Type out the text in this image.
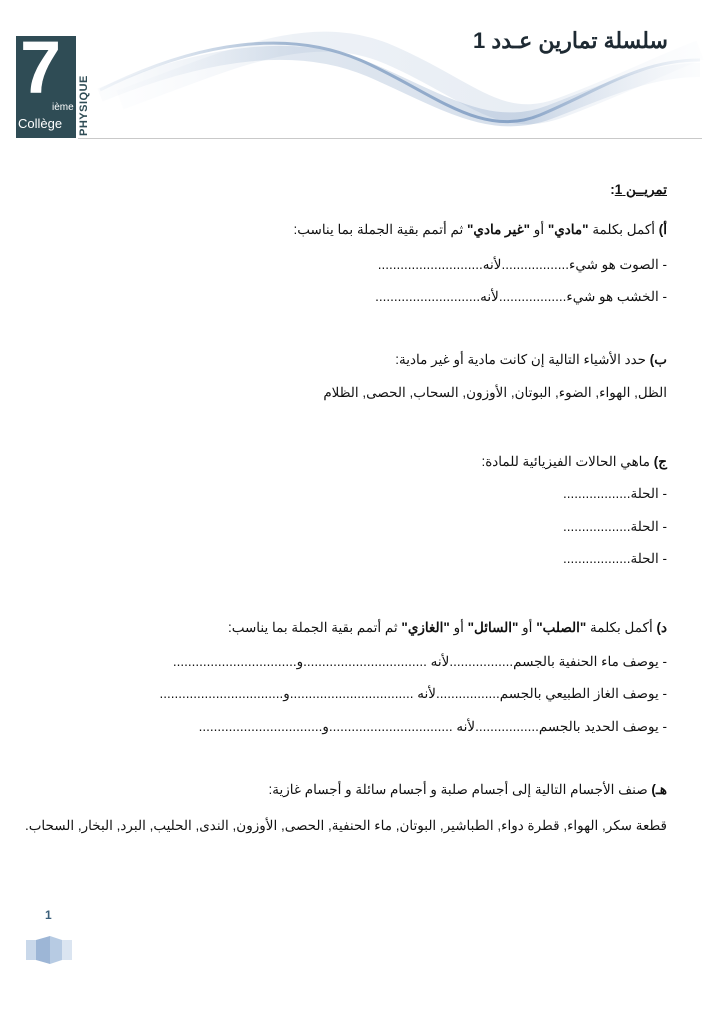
7
ième
Collège PHYSIQUE
سلسلة تمارين عـدد 1
تمريــن 1:
أ) أكمل بكلمة "مادي" أو "غير مادي" ثم أتمم بقية الجملة بما يناسب:
- الصوت هو شيء..................لأنه............................
- الخشب هو شيء..................لأنه............................
ب) حدد الأشياء التالية إن كانت مادية أو غير مادية:
الظل, الهواء, الضوء, البوتان, الأوزون, السحاب, الحصى, الظلام
ج) ماهي الحالات الفيزيائية للمادة:
- الحلة..................
- الحلة..................
- الحلة..................
د) أكمل بكلمة "الصلب" أو "السائل" أو "الغازي" ثم أتمم بقية الجملة بما يناسب:
- يوصف ماء الحنفية بالجسم.................لأنه .................................و.................................
- يوصف الغاز الطبيعي بالجسم.................لأنه .................................و.................................
- يوصف الحديد بالجسم.................لأنه .................................و.................................
هـ) صنف الأجسام التالية إلى أجسام صلبة و أجسام سائلة و أجسام غازية:
قطعة سكر, الهواء, قطرة دواء, الطباشير, البوتان, ماء الحنفية, الحصى, الأوزون, الندى, الحليب, البرد, البخار, السحاب.
1
